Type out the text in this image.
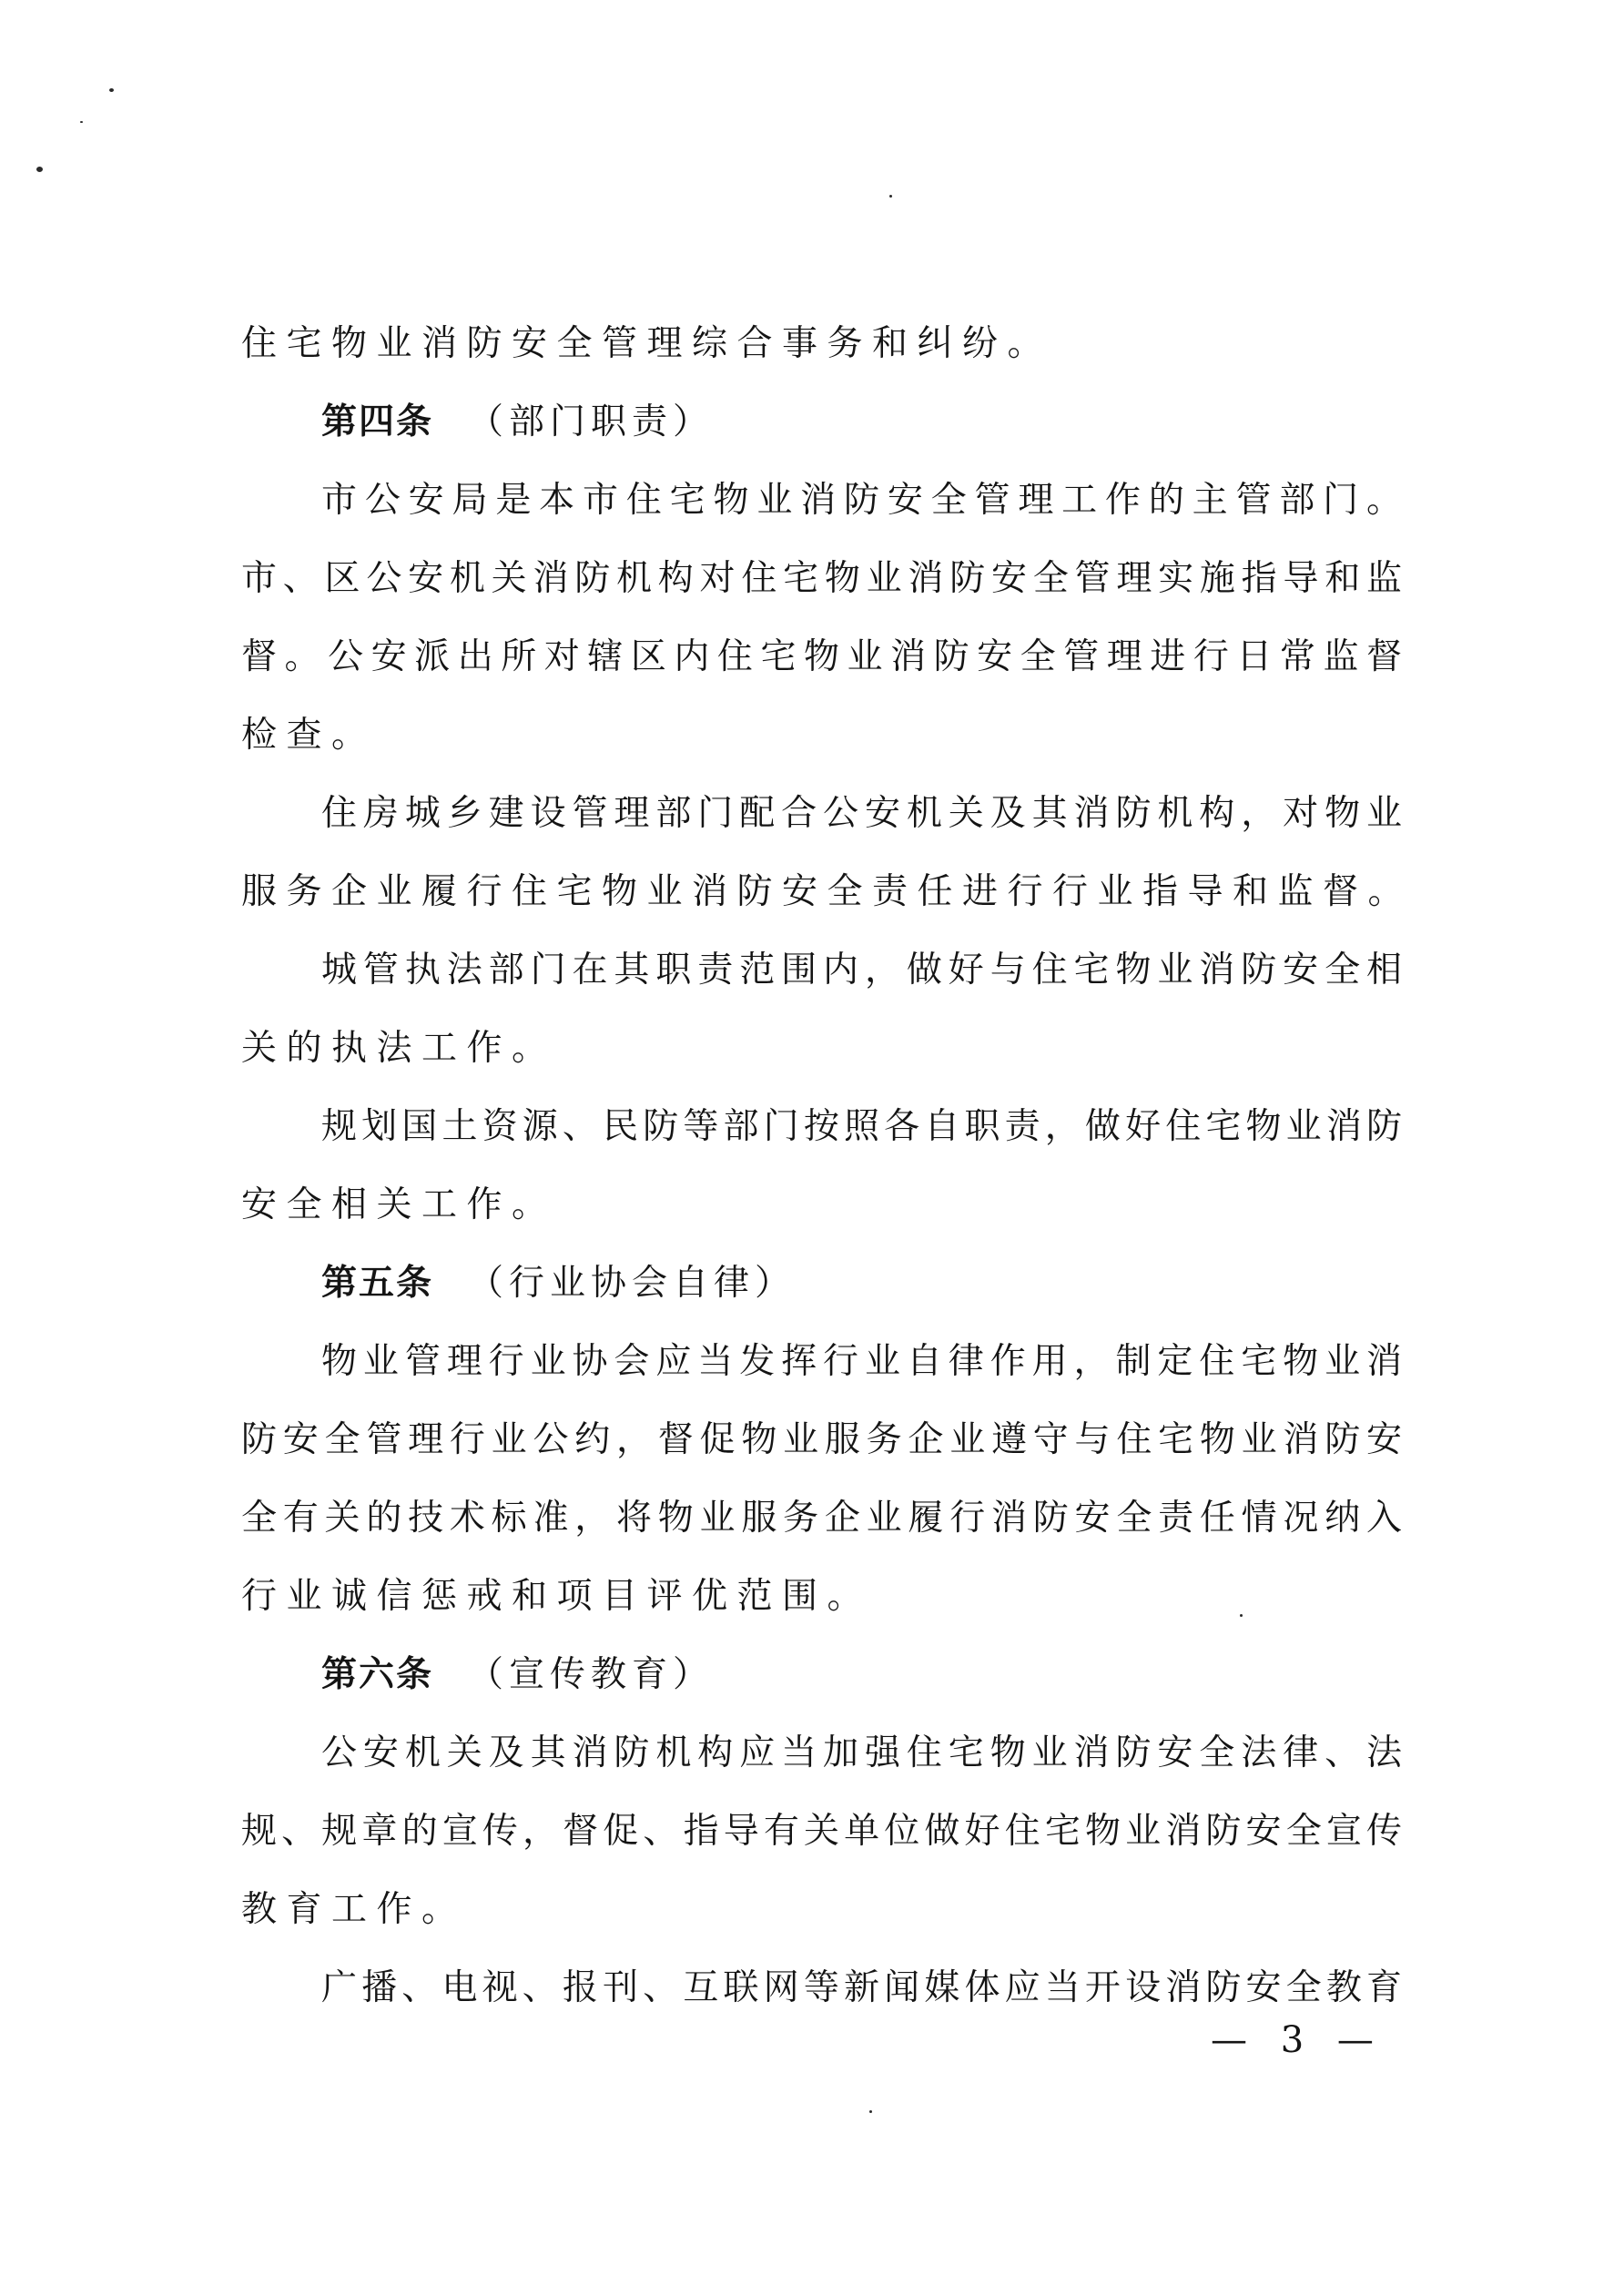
住宅物业消防安全管理综合事务和纠纷。
第四条 （部门职责）
市公安局是本市住宅物业消防安全管理工作的主管部门。
市、区公安机关消防机构对住宅物业消防安全管理实施指导和监
督。公安派出所对辖区内住宅物业消防安全管理进行日常监督
检查。
住房城乡建设管理部门配合公安机关及其消防机构，对物业
服务企业履行住宅物业消防安全责任进行行业指导和监督。
城管执法部门在其职责范围内，做好与住宅物业消防安全相
关的执法工作。
规划国土资源、民防等部门按照各自职责，做好住宅物业消防
安全相关工作。
第五条 （行业协会自律）
物业管理行业协会应当发挥行业自律作用，制定住宅物业消
防安全管理行业公约，督促物业服务企业遵守与住宅物业消防安
全有关的技术标准，将物业服务企业履行消防安全责任情况纳入
行业诚信惩戒和项目评优范围。
第六条 （宣传教育）
公安机关及其消防机构应当加强住宅物业消防安全法律、法
规、规章的宣传，督促、指导有关单位做好住宅物业消防安全宣传
教育工作。
广播、电视、报刊、互联网等新闻媒体应当开设消防安全教育
— 3 —
